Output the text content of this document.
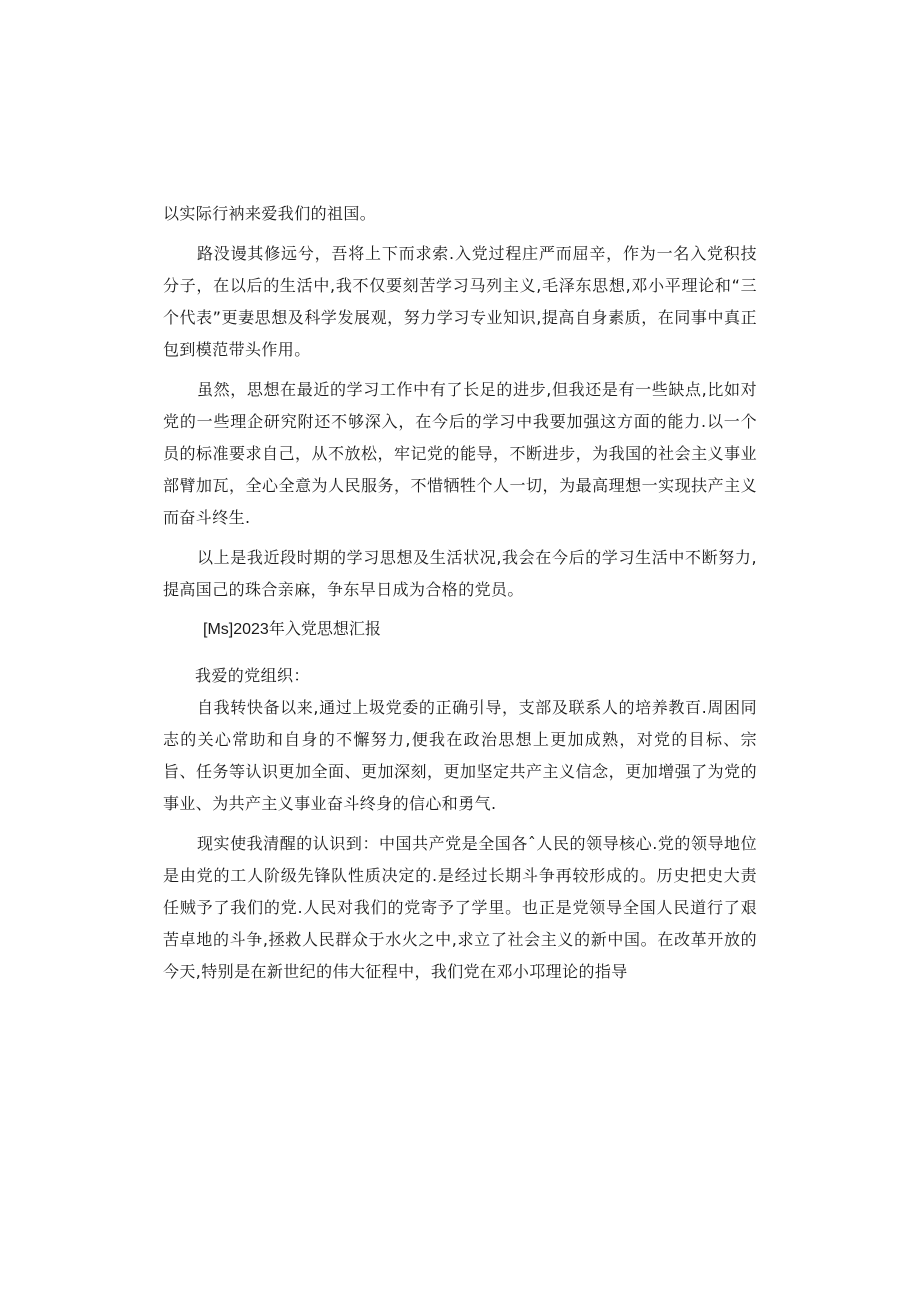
以实际行衲来爱我们的祖国。

路没谩其修远兮，吾将上下而求索.入党过程庄严而屈辛，作为一名入党积技分子，在以后的生活中,我不仅要刻苦学习马列主义,毛泽东思想,邓小平理论和“三个代表”更妻思想及科学发展观，努力学习专业知识,提高自身素质，在同事中真正包到模范带头作用。

虽然，思想在最近的学习工作中有了长足的进步,但我还是有一些缺点,比如对党的一些理企研究附还不够深入，在今后的学习中我要加强这方面的能力.以一个员的标准要求自己，从不放松，牢记党的能导，不断进步，为我国的社会主义事业部臂加瓦，全心全意为人民服务，不惜牺牲个人一切，为最高理想一实现扶产主义而奋斗终生.

以上是我近段时期的学习思想及生活状况,我会在今后的学习生活中不断努力,提高国己的珠合亲麻，争东早日成为合格的党员。

[Ms]2023年入党思想汇报

我爱的党组织：

自我转快备以来,通过上圾党委的正确引导，支部及联系人的培养教百.周困同志的关心常助和自身的不懈努力,便我在政治思想上更加成熟，对党的目标、宗旨、任务等认识更加全面、更加深刻，更加坚定共产主义信念，更加增强了为党的事业、为共产主义事业奋斗终身的信心和勇气.

现实使我清醒的认识到：中国共产党是全国各ˆ人民的领导核心.党的领导地位是由党的工人阶级先锋队性质决定的.是经过长期斗争再较形成的。历史把史大责任贼予了我们的党.人民对我们的党寄予了学里。也正是党领导全国人民道行了艰苦卓地的斗争,拯救人民群众于水火之中,求立了社会主义的新中国。在改革开放的今天,特别是在新世纪的伟大征程中，我们党在邓小邛理论的指导
